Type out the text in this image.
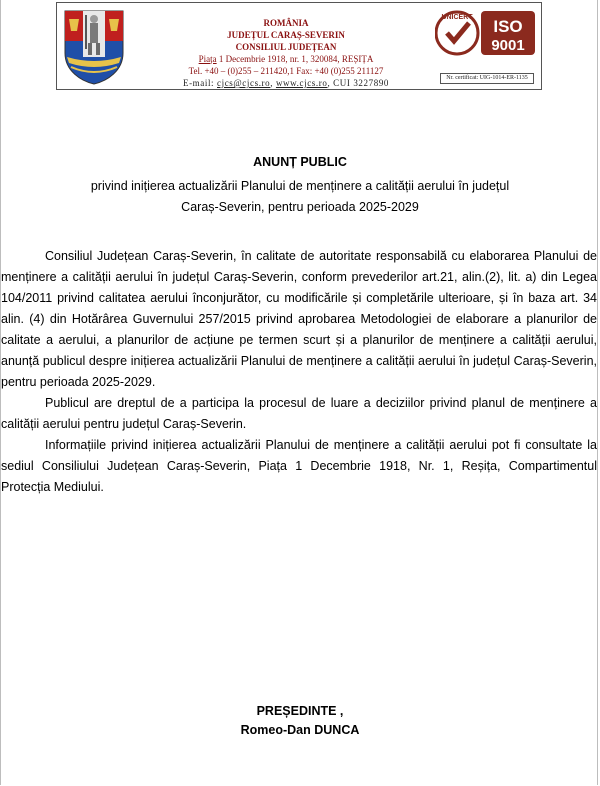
ROMÂNIA
JUDEȚUL CARAȘ-SEVERIN
CONSILIUL JUDEȚEAN
Piața 1 Decembrie 1918, nr. 1, 320084, REȘIȚA
Tel. +40 – (0)255 – 211420,1 Fax: +40 (0)255 211127
E-mail: cjcs@cjcs.ro, www.cjcs.ro, CUI 3227890
UNICERT ISO
9001
Nr. certificat: UIG-1014-ER-1135
ANUNȚ PUBLIC
privind inițierea actualizării Planului de menținere a calității aerului în județul
Caraș-Severin, pentru perioada 2025-2029

Consiliul Județean Caraș-Severin, în calitate de autoritate responsabilă cu elaborarea Planului de menținere a calității aerului în județul Caraș-Severin, conform prevederilor art.21, alin.(2), lit. a) din Legea 104/2011 privind calitatea aerului înconjurător, cu modificările și completările ulterioare, și în baza art. 34 alin. (4) din Hotărârea Guvernului 257/2015 privind aprobarea Metodologiei de elaborare a planurilor de calitate a aerului, a planurilor de acțiune pe termen scurt și a planurilor de menținere a calității aerului, anunță publicul despre inițierea actualizării Planului de menținere a calității aerului în județul Caraș-Severin, pentru perioada 2025-2029.

Publicul are dreptul de a participa la procesul de luare a deciziilor privind planul de menținere a calității aerului pentru județul Caraș-Severin.

Informațiile privind inițierea actualizării Planului de menținere a calității aerului pot fi consultate la sediul Consiliului Județean Caraș-Severin, Piața 1 Decembrie 1918, Nr. 1, Reșița, Compartimentul Protecția Mediului.

PREȘEDINTE ,
Romeo-Dan DUNCA
